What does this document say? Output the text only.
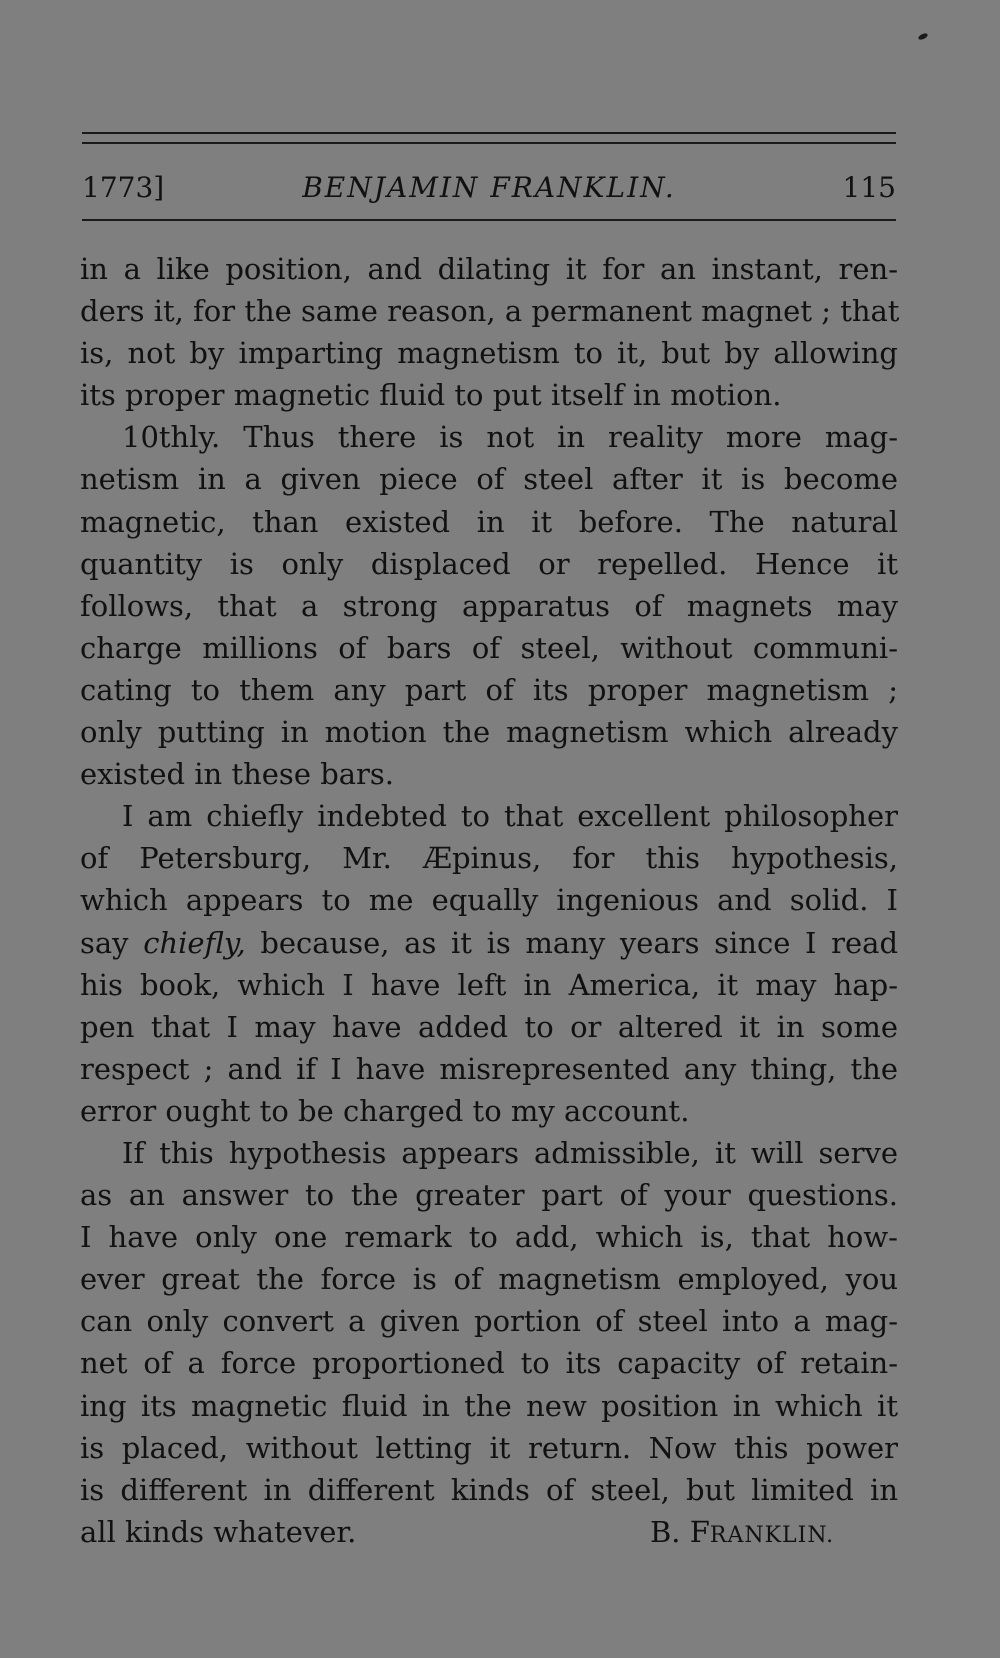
1773]	BENJAMIN FRANKLIN.	115
in a like position, and dilating it for an instant, ren-
ders it, for the same reason, a permanent magnet ; that
is, not by imparting magnetism to it, but by allowing
its proper magnetic fluid to put itself in motion.
10thly. Thus there is not in reality more mag-
netism in a given piece of steel after it is become
magnetic, than existed in it before. The natural
quantity is only displaced or repelled. Hence it
follows, that a strong apparatus of magnets may
charge millions of bars of steel, without communi-
cating to them any part of its proper magnetism ;
only putting in motion the magnetism which already
existed in these bars.
I am chiefly indebted to that excellent philosopher
of Petersburg, Mr. Æpinus, for this hypothesis,
which appears to me equally ingenious and solid. I
say chiefly, because, as it is many years since I read
his book, which I have left in America, it may hap-
pen that I may have added to or altered it in some
respect ; and if I have misrepresented any thing, the
error ought to be charged to my account.
If this hypothesis appears admissible, it will serve
as an answer to the greater part of your questions.
I have only one remark to add, which is, that how-
ever great the force is of magnetism employed, you
can only convert a given portion of steel into a mag-
net of a force proportioned to its capacity of retain-
ing its magnetic fluid in the new position in which it
is placed, without letting it return. Now this power
is different in different kinds of steel, but limited in
all kinds whatever.	B. FRANKLIN.
